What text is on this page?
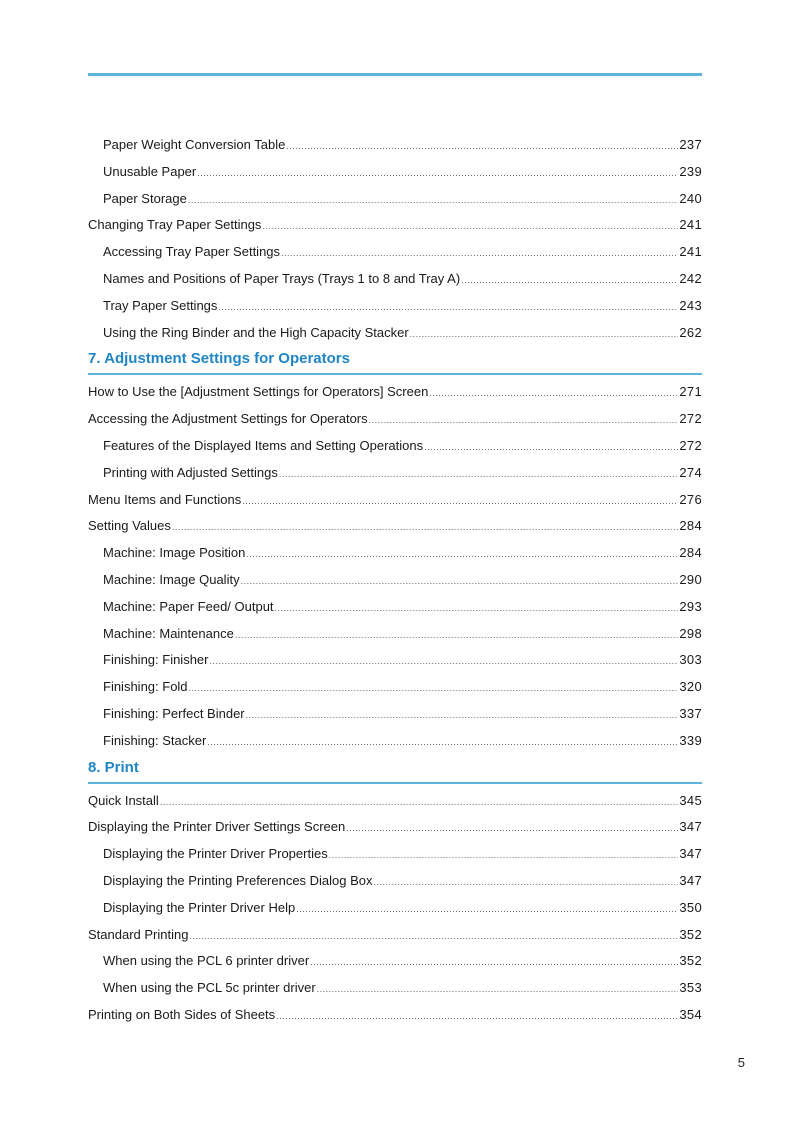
Paper Weight Conversion Table .....	237
Unusable Paper .....	239
Paper Storage .....	240
Changing Tray Paper Settings .....	241
Accessing Tray Paper Settings .....	241
Names and Positions of Paper Trays (Trays 1 to 8 and Tray A) .....	242
Tray Paper Settings .....	243
Using the Ring Binder and the High Capacity Stacker .....	262
7. Adjustment Settings for Operators
How to Use the [Adjustment Settings for Operators] Screen .....	271
Accessing the Adjustment Settings for Operators .....	272
Features of the Displayed Items and Setting Operations .....	272
Printing with Adjusted Settings .....	274
Menu Items and Functions .....	276
Setting Values .....	284
Machine: Image Position .....	284
Machine: Image Quality .....	290
Machine: Paper Feed/ Output .....	293
Machine: Maintenance .....	298
Finishing: Finisher .....	303
Finishing: Fold .....	320
Finishing: Perfect Binder .....	337
Finishing: Stacker .....	339
8. Print
Quick Install .....	345
Displaying the Printer Driver Settings Screen .....	347
Displaying the Printer Driver Properties .....	347
Displaying the Printing Preferences Dialog Box .....	347
Displaying the Printer Driver Help .....	350
Standard Printing .....	352
When using the PCL 6 printer driver .....	352
When using the PCL 5c printer driver .....	353
Printing on Both Sides of Sheets .....	354
5
